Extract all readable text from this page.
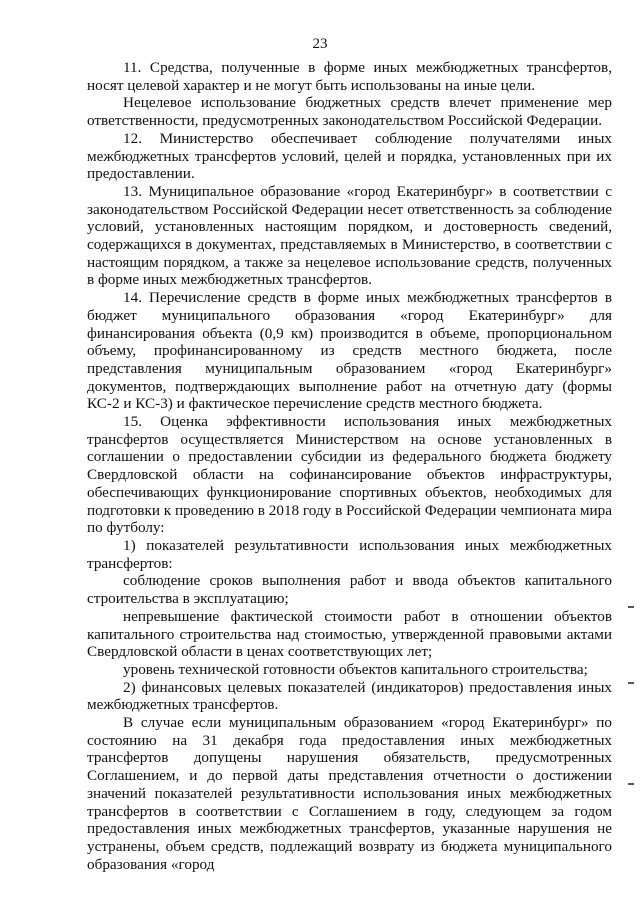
23

11. Средства, полученные в форме иных межбюджетных трансфертов, носят целевой характер и не могут быть использованы на иные цели.

Нецелевое использование бюджетных средств влечет применение мер ответственности, предусмотренных законодательством Российской Федерации.

12. Министерство обеспечивает соблюдение получателями иных межбюджетных трансфертов условий, целей и порядка, установленных при их предоставлении.

13. Муниципальное образование «город Екатеринбург» в соответствии с законодательством Российской Федерации несет ответственность за соблюдение условий, установленных настоящим порядком, и достоверность сведений, содержащихся в документах, представляемых в Министерство, в соответствии с настоящим порядком, а также за нецелевое использование средств, полученных в форме иных межбюджетных трансфертов.

14. Перечисление средств в форме иных межбюджетных трансфертов в бюджет муниципального образования «город Екатеринбург» для финансирования объекта (0,9 км) производится в объеме, пропорциональном объему, профинансированному из средств местного бюджета, после представления муниципальным образованием «город Екатеринбург» документов, подтверждающих выполнение работ на отчетную дату (формы КС-2 и КС-3) и фактическое перечисление средств местного бюджета.

15. Оценка эффективности использования иных межбюджетных трансфертов осуществляется Министерством на основе установленных в соглашении о предоставлении субсидии из федерального бюджета бюджету Свердловской области на софинансирование объектов инфраструктуры, обеспечивающих функционирование спортивных объектов, необходимых для подготовки к проведению в 2018 году в Российской Федерации чемпионата мира по футболу:

1) показателей результативности использования иных межбюджетных трансфертов:

соблюдение сроков выполнения работ и ввода объектов капитального строительства в эксплуатацию;

непревышение фактической стоимости работ в отношении объектов капитального строительства над стоимостью, утвержденной правовыми актами Свердловской области в ценах соответствующих лет;

уровень технической готовности объектов капитального строительства;

2) финансовых целевых показателей (индикаторов) предоставления иных межбюджетных трансфертов.

В случае если муниципальным образованием «город Екатеринбург» по состоянию на 31 декабря года предоставления иных межбюджетных трансфертов допущены нарушения обязательств, предусмотренных Соглашением, и до первой даты представления отчетности о достижении значений показателей результативности использования иных межбюджетных трансфертов в соответствии с Соглашением в году, следующем за годом предоставления иных межбюджетных трансфертов, указанные нарушения не устранены, объем средств, подлежащий возврату из бюджета муниципального образования «город
